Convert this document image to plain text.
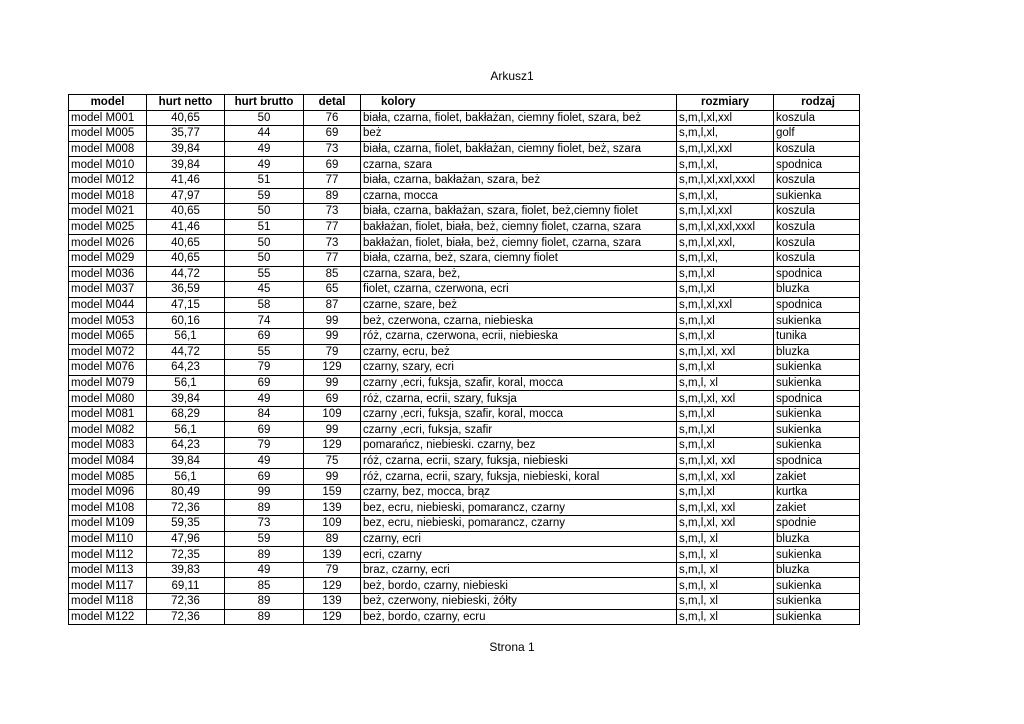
Arkusz1
model	hurt netto	hurt brutto	detal	kolory	rozmiary	rodzaj
model M001	40,65	50	76	biała, czarna, fiolet, bakłażan, ciemny fiolet, szara, beż	s,m,l,xl,xxl	koszula
model M005	35,77	44	69	beż	s,m,l,xl,	golf
model M008	39,84	49	73	biała, czarna, fiolet, bakłażan, ciemny fiolet, beż, szara	s,m,l,xl,xxl	koszula
model M010	39,84	49	69	czarna, szara	s,m,l,xl,	spodnica
model M012	41,46	51	77	biała, czarna, bakłażan, szara, beż	s,m,l,xl,xxl,xxxl	koszula
model M018	47,97	59	89	czarna, mocca	s,m,l,xl,	sukienka
model M021	40,65	50	73	biała, czarna, bakłażan, szara, fiolet, beż,ciemny fiolet	s,m,l,xl,xxl	koszula
model M025	41,46	51	77	bakłażan, fiolet, biała, beż, ciemny fiolet, czarna, szara	s,m,l,xl,xxl,xxxl	koszula
model M026	40,65	50	73	bakłażan, fiolet, biała, beż, ciemny fiolet, czarna, szara	s,m,l,xl,xxl,	koszula
model M029	40,65	50	77	biała, czarna, beż, szara, ciemny fiolet	s,m,l,xl,	koszula
model M036	44,72	55	85	czarna, szara, beż,	s,m,l,xl	spodnica
model M037	36,59	45	65	fiolet, czarna, czerwona, ecri	s,m,l,xl	bluzka
model M044	47,15	58	87	czarne, szare, beż	s,m,l,xl,xxl	spodnica
model M053	60,16	74	99	beż, czerwona, czarna, niebieska	s,m,l,xl	sukienka
model M065	56,1	69	99	róż, czarna, czerwona, ecrii, niebieska	s,m,l,xl	tunika
model M072	44,72	55	79	czarny, ecru, beż	s,m,l,xl, xxl	bluzka
model M076	64,23	79	129	czarny, szary, ecri	s,m,l,xl	sukienka
model M079	56,1	69	99	czarny ,ecri, fuksja, szafir, koral, mocca	s,m,l, xl	sukienka
model M080	39,84	49	69	róż, czarna, ecrii, szary, fuksja	s,m,l,xl, xxl	spodnica
model M081	68,29	84	109	czarny ,ecri, fuksja, szafir, koral, mocca	s,m,l,xl	sukienka
model M082	56,1	69	99	czarny ,ecri, fuksja, szafir	s,m,l,xl	sukienka
model M083	64,23	79	129	pomarańcz, niebieski. czarny, bez	s,m,l,xl	sukienka
model M084	39,84	49	75	róż, czarna, ecrii, szary, fuksja, niebieski	s,m,l,xl, xxl	spodnica
model M085	56,1	69	99	róż, czarna, ecrii, szary, fuksja, niebieski, koral	s,m,l,xl, xxl	zakiet
model M096	80,49	99	159	czarny, bez, mocca, brąz	s,m,l,xl	kurtka
model M108	72,36	89	139	bez, ecru, niebieski, pomarancz, czarny	s,m,l,xl, xxl	zakiet
model M109	59,35	73	109	bez, ecru, niebieski, pomarancz, czarny	s,m,l,xl, xxl	spodnie
model M110	47,96	59	89	czarny, ecri	s,m,l, xl	bluzka
model M112	72,35	89	139	ecri, czarny	s,m,l, xl	sukienka
model M113	39,83	49	79	braz, czarny, ecri	s,m,l, xl	bluzka
model M117	69,11	85	129	beż, bordo, czarny, niebieski	s,m,l, xl	sukienka
model M118	72,36	89	139	beż, czerwony, niebieski, żółty	s,m,l, xl	sukienka
model M122	72,36	89	129	beż, bordo, czarny, ecru	s,m,l, xl	sukienka
Strona 1
